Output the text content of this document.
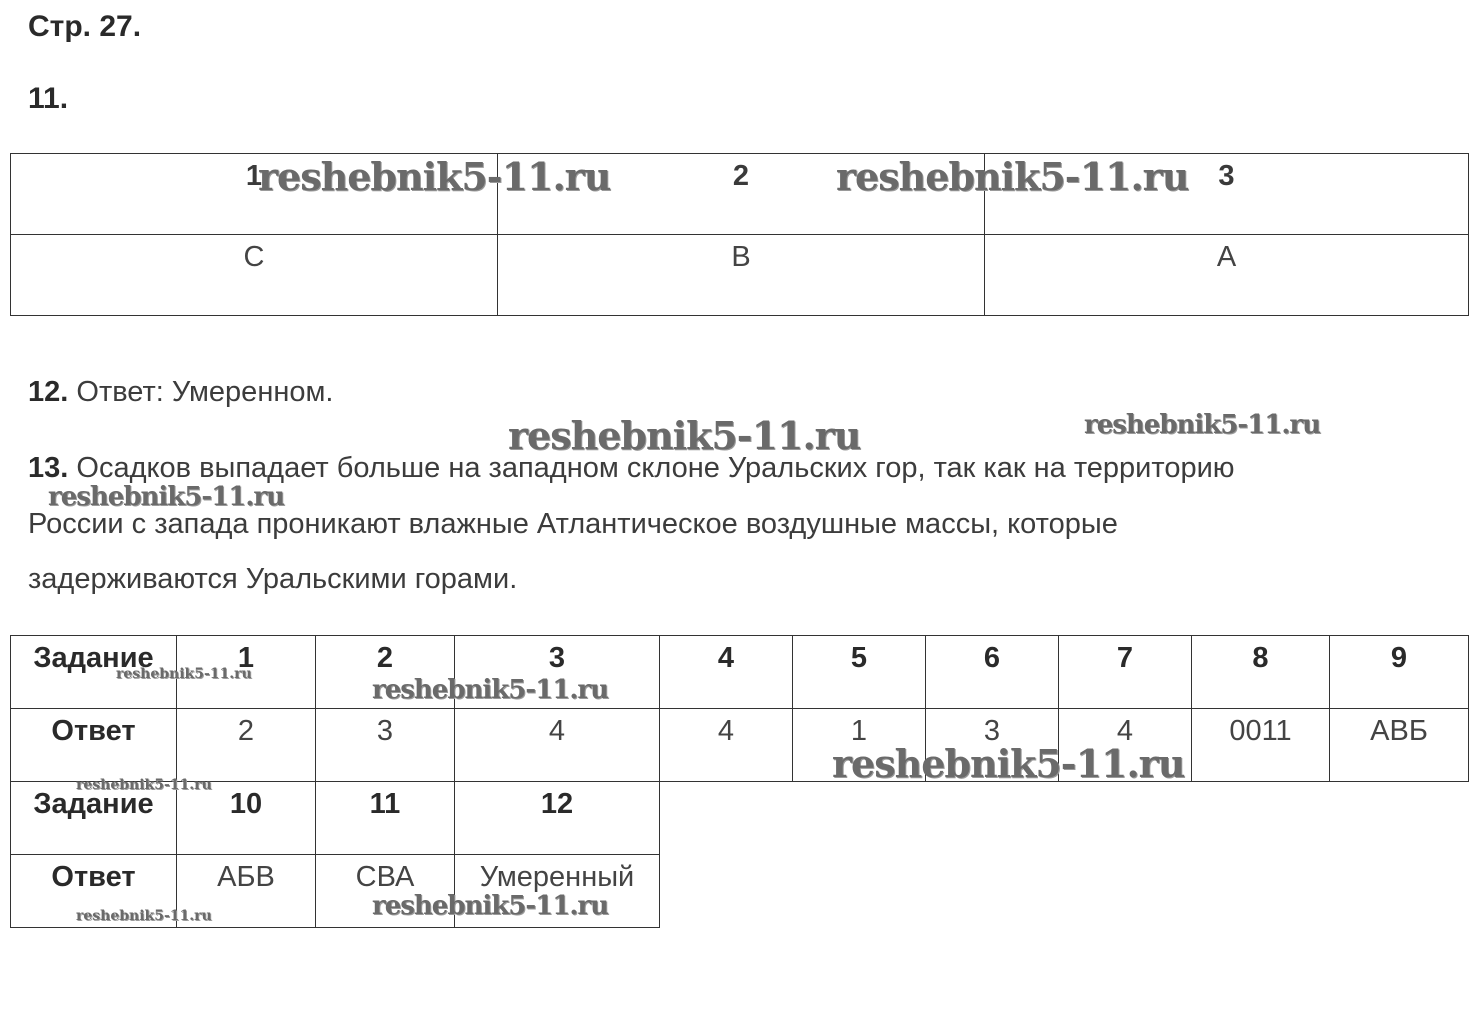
Стр. 27.
11.
1	2	3
С	В	А
12. Ответ: Умеренном.
13. Осадков выпадает больше на западном склоне Уральских гор, так как на территорию
России с запада проникают влажные Атлантическое воздушные массы, которые
задерживаются Уральскими горами.
Задание	1	2	3	4	5	6	7	8	9
Ответ	2	3	4	4	1	3	4	0011	АВБ
Задание	10	11	12						
Ответ	АБВ	СВА	Умеренный						
reshebnik5-11.ru	reshebnik5-11.ru
reshebnik5-11.ru	reshebnik5-11.ru
reshebnik5-11.ru
reshebnik5-11.ru
reshebnik5-11.ru
reshebnik5-11.ru
reshebnik5-11.ru
reshebnik5-11.ru
reshebnik5-11.ru
